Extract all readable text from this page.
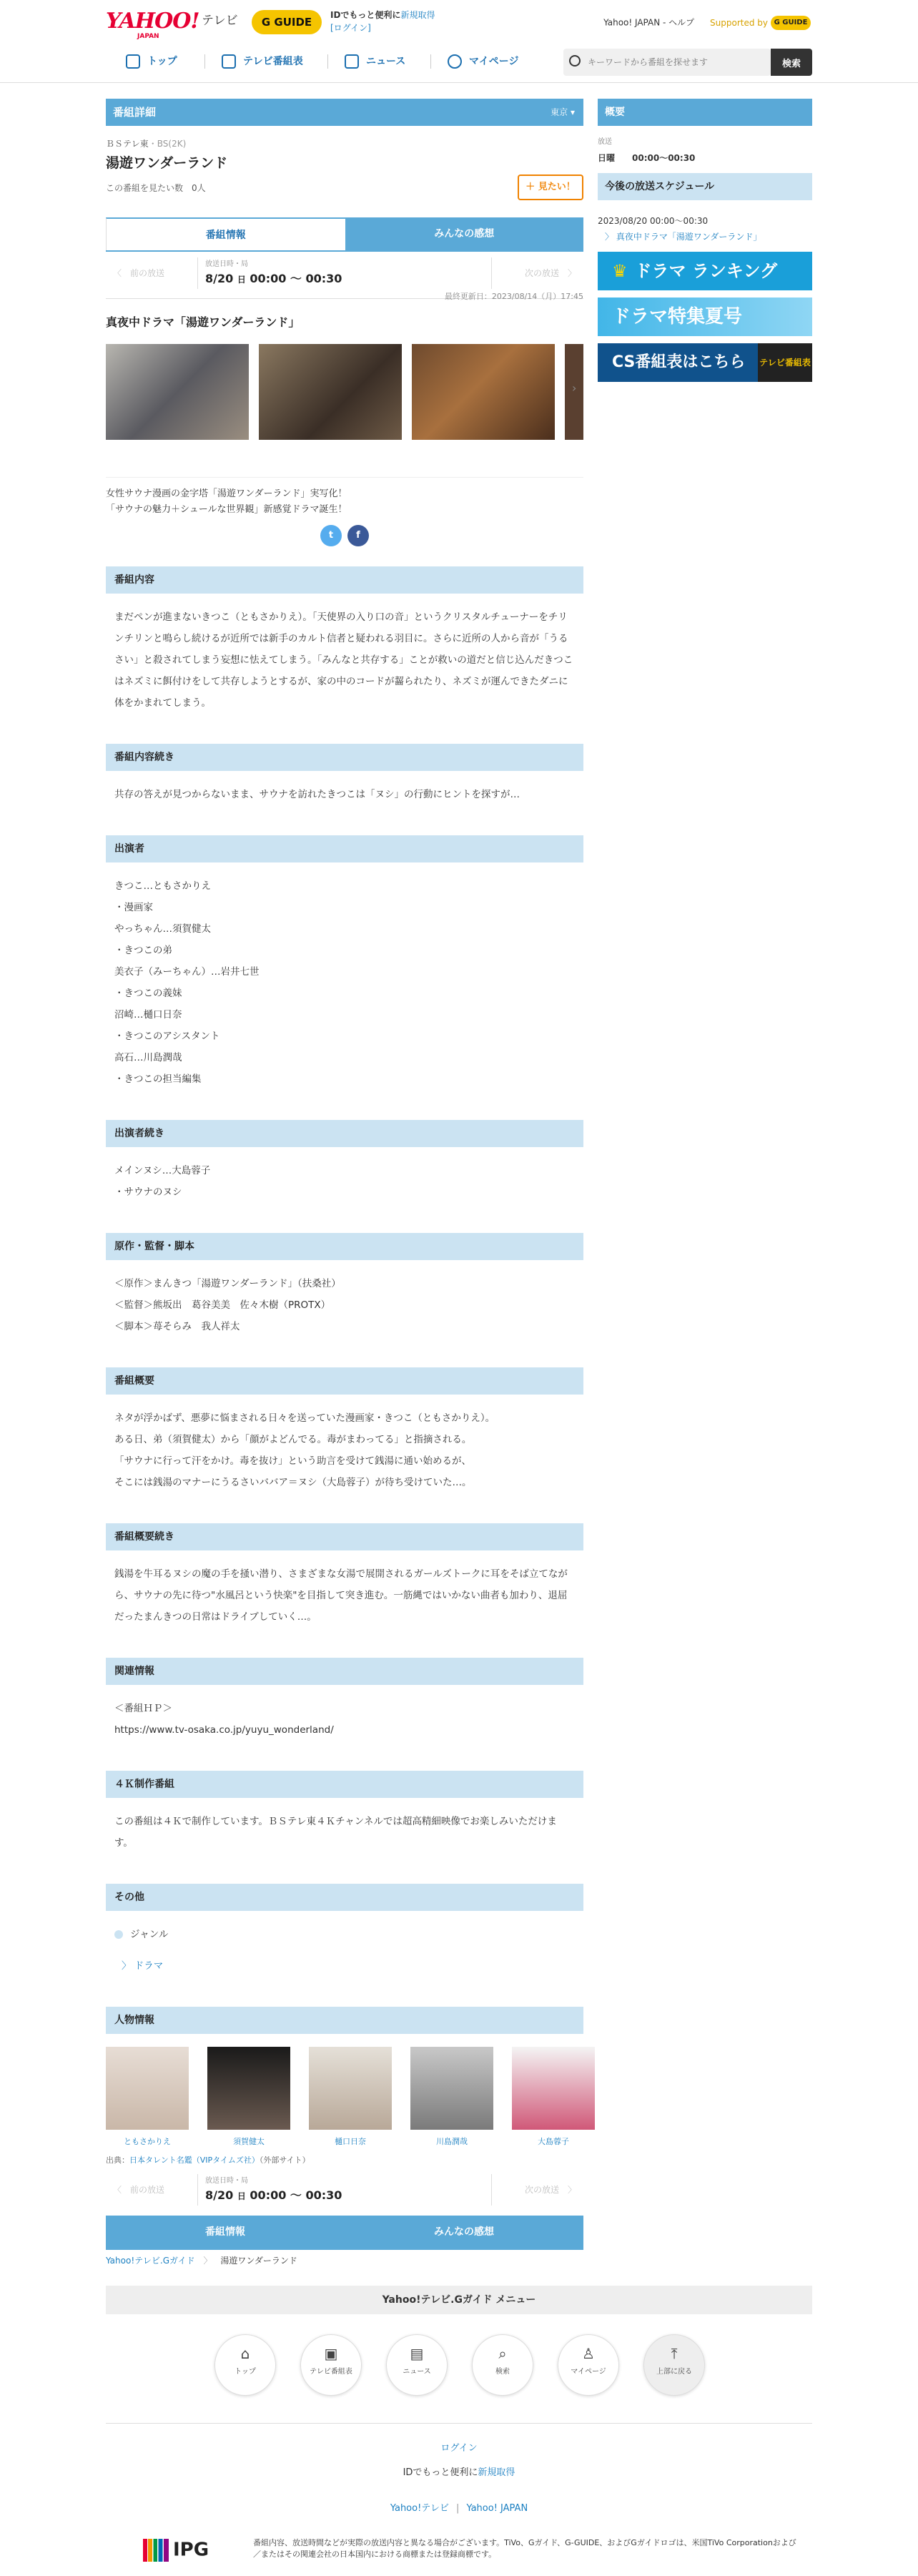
YAHOO!
JAPAN
テレビ	G GUIDE
IDでもっと便利に新規取得
[ログイン]
Yahoo! JAPAN - ヘルプ Supported by G GUIDE
トップ	テレビ番組表	ニュース	マイページ
キーワードから番組を探せます	検索
番組詳細	東京 ▾
ＢＳテレ東・BS(2K)
湯遊ワンダーランド
この番組を見たい数　0人	＋ 見たい！
番組情報	みんなの感想
〈　前の放送
放送日時・局
8/20 日 00:00 〜 00:30	次の放送　〉
最終更新日：2023/08/14（月）17:45
真夜中ドラマ「湯遊ワンダーランド」
›
女性サウナ漫画の金字塔「湯遊ワンダーランド」実写化！
「サウナの魅力＋シュールな世界観」新感覚ドラマ誕生！
t f
番組内容
まだペンが進まないきつこ（ともさかりえ）。「天使界の入り口の音」というクリスタルチューナーをチリンチリンと鳴らし続けるが近所では新手のカルト信者と疑われる羽目に。さらに近所の人から音が「うるさい」と殺されてしまう妄想に怯えてしまう。「みんなと共存する」ことが救いの道だと信じ込んだきつこはネズミに餌付けをして共存しようとするが、家の中のコードが齧られたり、ネズミが運んできたダニに体をかまれてしまう。
番組内容続き
共存の答えが見つからないまま、サウナを訪れたきつこは「ヌシ」の行動にヒントを探すが…
出演者
きつこ…ともさかりえ
・漫画家
やっちゃん…須賀健太
・きつこの弟
美衣子（みーちゃん）…岩井七世
・きつこの義妹
沼崎…樋口日奈
・きつこのアシスタント
高石…川島潤哉
・きつこの担当編集
出演者続き
メインヌシ…大島蓉子
・サウナのヌシ
原作・監督・脚本
＜原作＞まんきつ「湯遊ワンダーランド」（扶桑社）
＜監督＞熊坂出　葛谷美美　佐々木樹（PROTX）
＜脚本＞苺そらみ　我人祥太
番組概要
ネタが浮かばず、悪夢に悩まされる日々を送っていた漫画家・きつこ（ともさかりえ）。
ある日、弟（須賀健太）から「顔がよどんでる。毒がまわってる」と指摘される。
「サウナに行って汗をかけ。毒を抜け」という助言を受けて銭湯に通い始めるが、
そこには銭湯のマナーにうるさいババア＝ヌシ（大島蓉子）が待ち受けていた…。
番組概要続き
銭湯を牛耳るヌシの魔の手を掻い潜り、さまざまな女湯で展開されるガールズトークに耳をそば立てながら、サウナの先に待つ"水風呂という快楽"を目指して突き進む。一筋縄ではいかない曲者も加わり、退屈だったまんきつの日常はドライブしていく…。
関連情報
＜番組ＨＰ＞
https://www.tv-osaka.co.jp/yuyu_wonderland/
４Ｋ制作番組
この番組は４Ｋで制作しています。ＢＳテレ東４Ｋチャンネルでは超高精細映像でお楽しみいただけます。
その他
ジャンル
〉 ドラマ
人物情報
ともさかりえ	須賀健太	樋口日奈	川島潤哉	大島蓉子
出典：日本タレント名鑑（VIPタイムズ社）（外部サイト）
〈　前の放送
放送日時・局
8/20 日 00:00 〜 00:30	次の放送　〉
番組情報	みんなの感想
概要
放送
日曜　　00:00〜00:30
今後の放送スケジュール
2023/08/20 00:00〜00:30
〉 真夜中ドラマ「湯遊ワンダーランド」
♛ ドラマ ランキング
ドラマ特集夏号
CS番組表はこちら テレビ番組表
Yahoo!テレビ.Gガイド 〉 湯遊ワンダーランド
Yahoo!テレビ.Gガイド メニュー
⌂
トップ
▣
テレビ番組表
▤
ニュース
⌕
検索
♙
マイページ
⤒
上部に戻る
ログイン
IDでもっと便利に新規取得
Yahoo!テレビ | Yahoo! JAPAN
IPG	番組内容、放送時間などが実際の放送内容と異なる場合がございます。TiVo、Gガイド、G-GUIDE、およびGガイドロゴは、米国TiVo Corporationおよび／またはその関連会社の日本国内における商標または登録商標です。
